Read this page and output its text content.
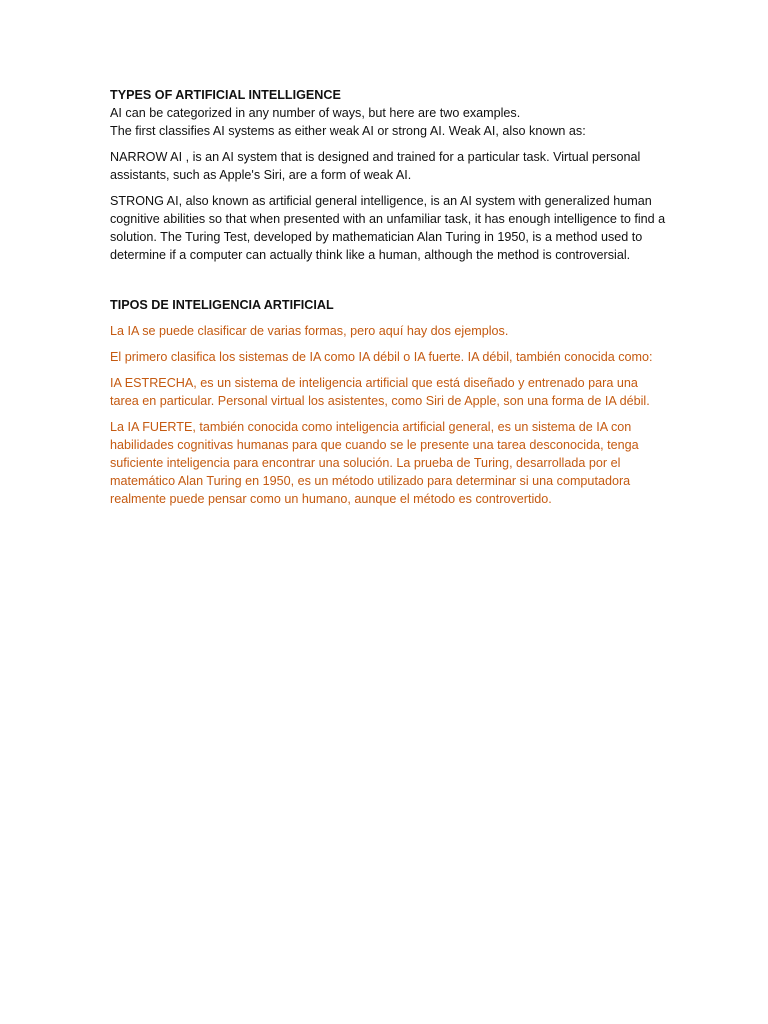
TYPES OF ARTIFICIAL INTELLIGENCE

AI can be categorized in any number of ways, but here are two examples.

The first classifies AI systems as either weak AI or strong AI. Weak AI, also known as:

NARROW AI , is an AI system that is designed and trained for a particular task. Virtual personal assistants, such as Apple's Siri, are a form of weak AI.

STRONG AI, also known as artificial general intelligence, is an AI system with generalized human cognitive abilities so that when presented with an unfamiliar task, it has enough intelligence to find a solution. The Turing Test, developed by mathematician Alan Turing in 1950, is a method used to determine if a computer can actually think like a human, although the method is controversial.

TIPOS DE INTELIGENCIA ARTIFICIAL

La IA se puede clasificar de varias formas, pero aquí hay dos ejemplos.

El primero clasifica los sistemas de IA como IA débil o IA fuerte. IA débil, también conocida como:

IA ESTRECHA, es un sistema de inteligencia artificial que está diseñado y entrenado para una tarea en particular. Personal virtual los asistentes, como Siri de Apple, son una forma de IA débil.

La IA FUERTE, también conocida como inteligencia artificial general, es un sistema de IA con habilidades cognitivas humanas para que cuando se le presente una tarea desconocida, tenga suficiente inteligencia para encontrar una solución. La prueba de Turing, desarrollada por el matemático Alan Turing en 1950, es un método utilizado para determinar si una computadora realmente puede pensar como un humano, aunque el método es controvertido.
